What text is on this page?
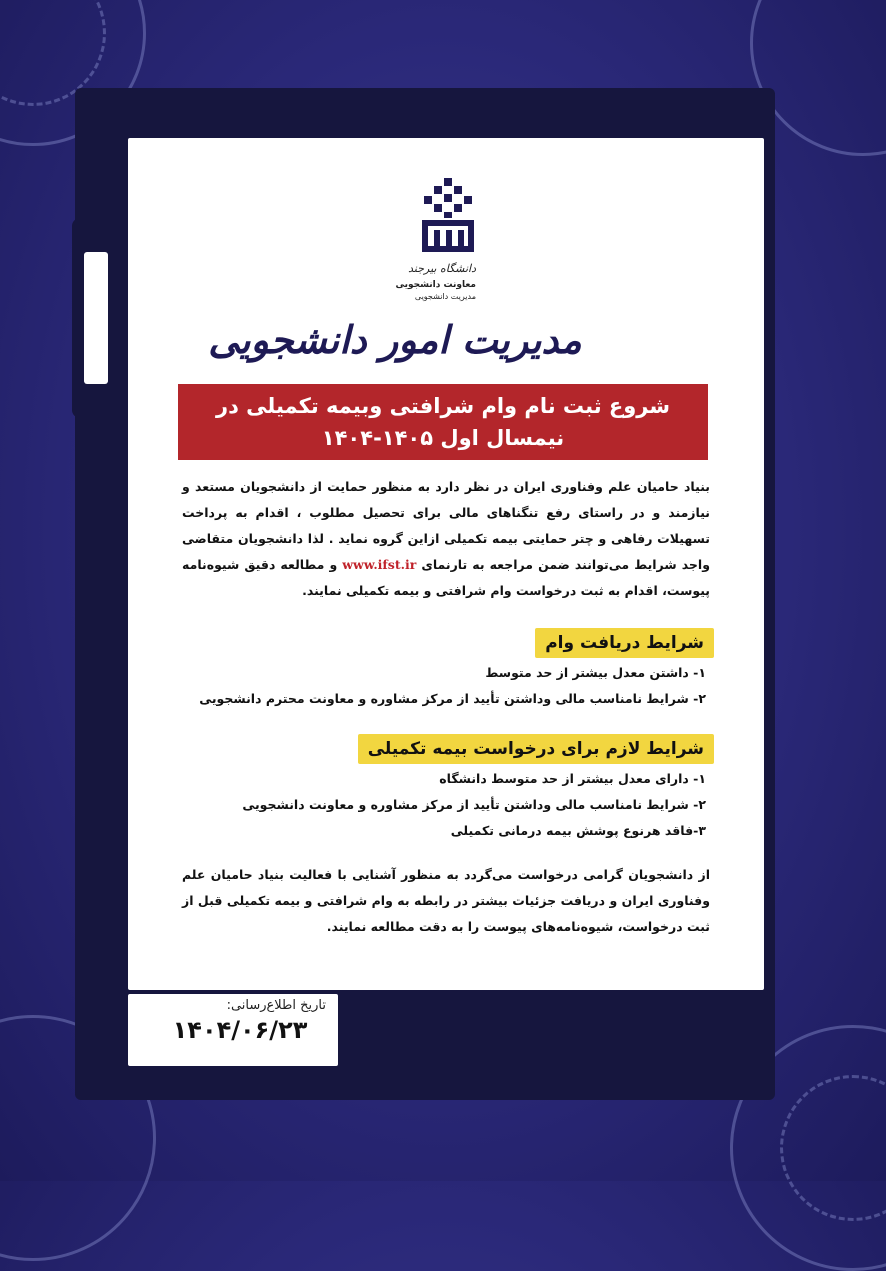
دانشگاه بیرجند
معاونت دانشجویی
مدیریت دانشجویی
مدیریت امور دانشجویی
شروع ثبت نام وام شرافتی وبیمه تکمیلی در
نیمسال اول ۱۴۰۵-۱۴۰۴
بنیاد حامیان علم وفناوری ایران در نظر دارد به منظور حمایت از دانشجویان مستعد و نیازمند و در راستای رفع تنگناهای مالی برای تحصیل مطلوب ، اقدام به پرداخت تسهیلات رفاهی و چتر حمایتی بیمه تکمیلی ازاین گروه نماید . لذا دانشجویان متقاضی واجد شرایط می‌توانند ضمن مراجعه به تارنمای www.ifst.ir و مطالعه دقیق شیوه‌نامه پیوست، اقدام به ثبت درخواست وام شرافتی و بیمه تکمیلی نمایند.
شرایط دریافت وام
۱- داشتن معدل بیشتر از حد متوسط
۲- شرایط نامناسب مالی وداشتن تأیید از مرکز مشاوره و معاونت محترم دانشجویی
شرایط لازم برای درخواست بیمه تکمیلی
۱- دارای معدل بیشتر از حد متوسط دانشگاه
۲- شرایط نامناسب مالی وداشتن تأیید از مرکز مشاوره و معاونت دانشجویی
۳-فاقد هرنوع پوشش بیمه درمانی تکمیلی
از دانشجویان گرامی درخواست می‌گردد به منظور آشنایی با فعالیت بنیاد حامیان علم وفناوری ایران و دریافت جزئیات بیشتر در رابطه به وام شرافتی و بیمه تکمیلی قبل از ثبت درخواست، شیوه‌نامه‌های پیوست را به دقت مطالعه نمایند.
تاریخ اطلاع‌رسانی:
۱۴۰۴/۰۶/۲۳
